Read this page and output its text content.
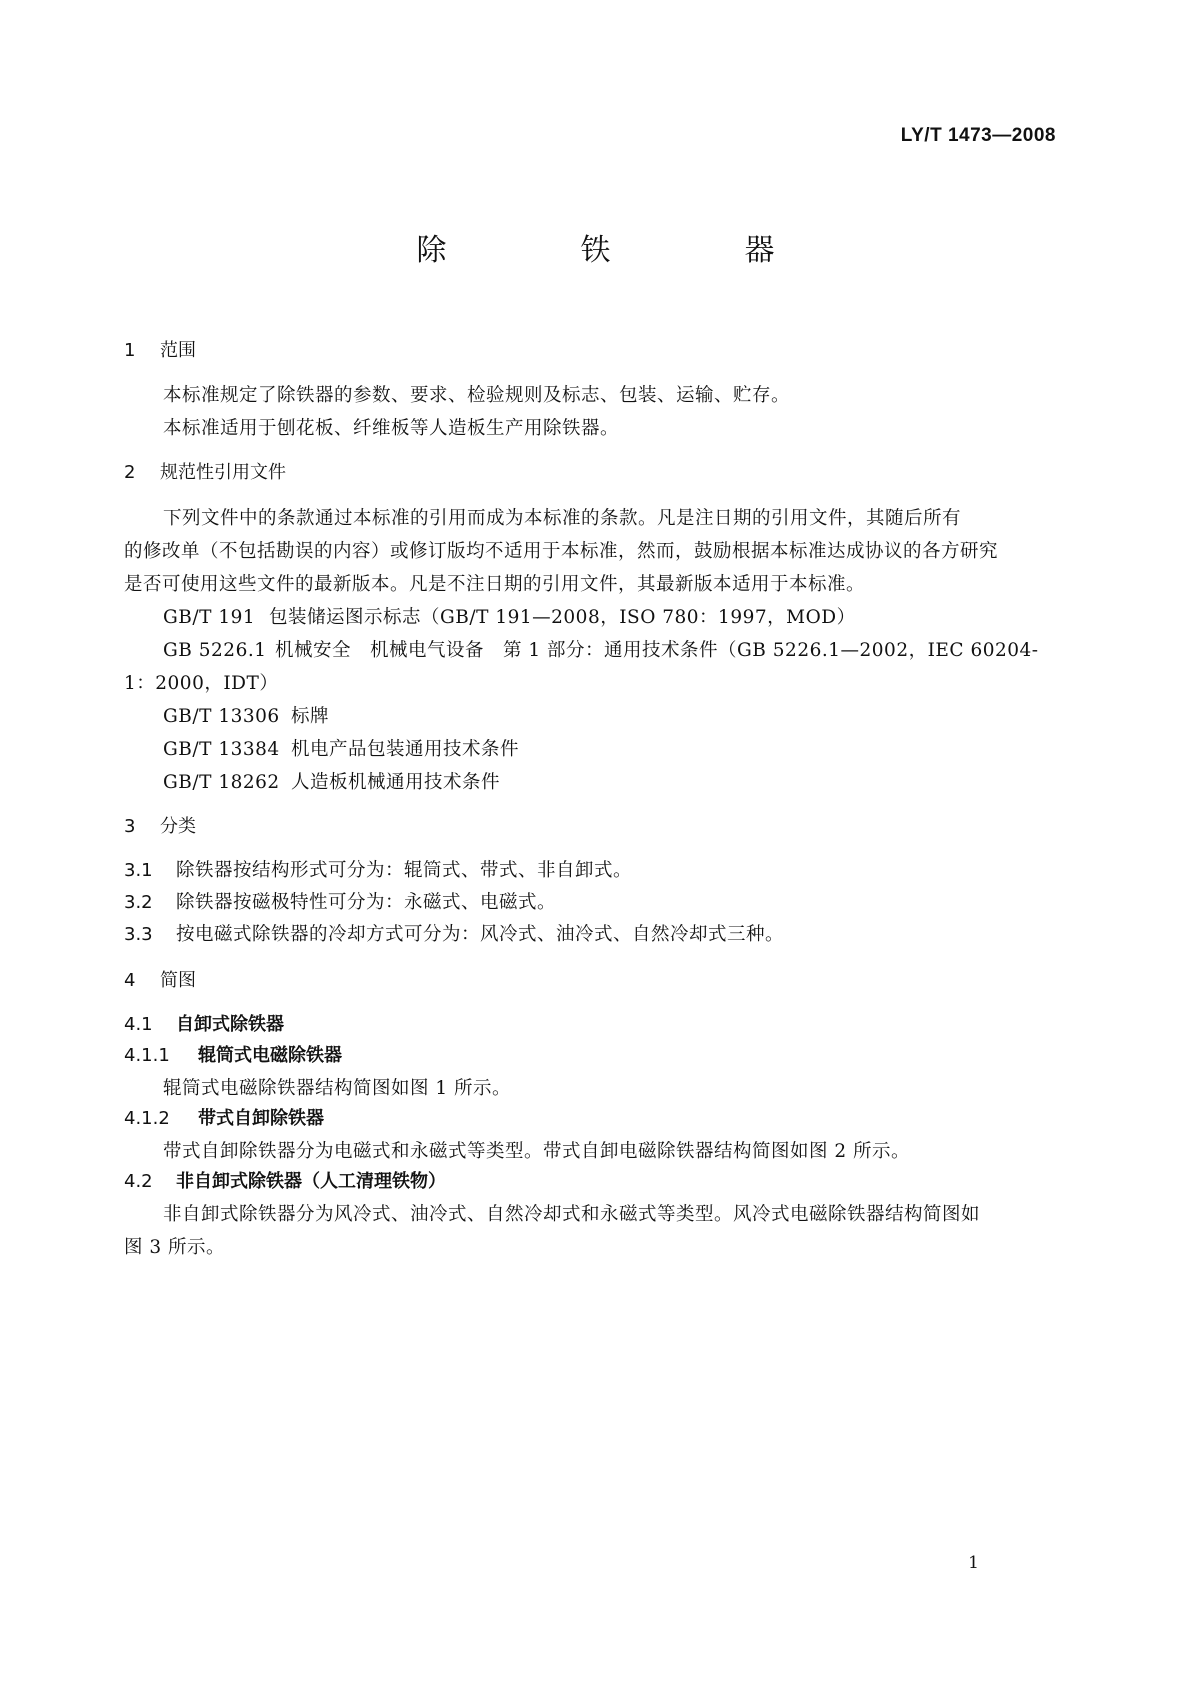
LY/T 1473—2008
除　铁　器
1 范围
本标准规定了除铁器的参数、要求、检验规则及标志、包装、运输、贮存。
本标准适用于刨花板、纤维板等人造板生产用除铁器。
2 规范性引用文件
下列文件中的条款通过本标准的引用而成为本标准的条款。凡是注日期的引用文件，其随后所有
的修改单（不包括勘误的内容）或修订版均不适用于本标准，然而，鼓励根据本标准达成协议的各方研究
是否可使用这些文件的最新版本。凡是不注日期的引用文件，其最新版本适用于本标准。
GB/T 191 包装储运图示标志（GB/T 191—2008，ISO 780：1997，MOD）
GB 5226.1 机械安全　机械电气设备　第 1 部分：通用技术条件（GB 5226.1—2002，IEC 60204-
1：2000，IDT）
GB/T 13306 标牌
GB/T 13384 机电产品包装通用技术条件
GB/T 18262 人造板机械通用技术条件
3 分类
3.1 除铁器按结构形式可分为：辊筒式、带式、非自卸式。
3.2 除铁器按磁极特性可分为：永磁式、电磁式。
3.3 按电磁式除铁器的冷却方式可分为：风冷式、油冷式、自然冷却式三种。
4 简图
4.1 自卸式除铁器
4.1.1 辊筒式电磁除铁器
辊筒式电磁除铁器结构简图如图 1 所示。
4.1.2 带式自卸除铁器
带式自卸除铁器分为电磁式和永磁式等类型。带式自卸电磁除铁器结构简图如图 2 所示。
4.2 非自卸式除铁器（人工清理铁物）
非自卸式除铁器分为风冷式、油冷式、自然冷却式和永磁式等类型。风冷式电磁除铁器结构简图如
图 3 所示。
1
